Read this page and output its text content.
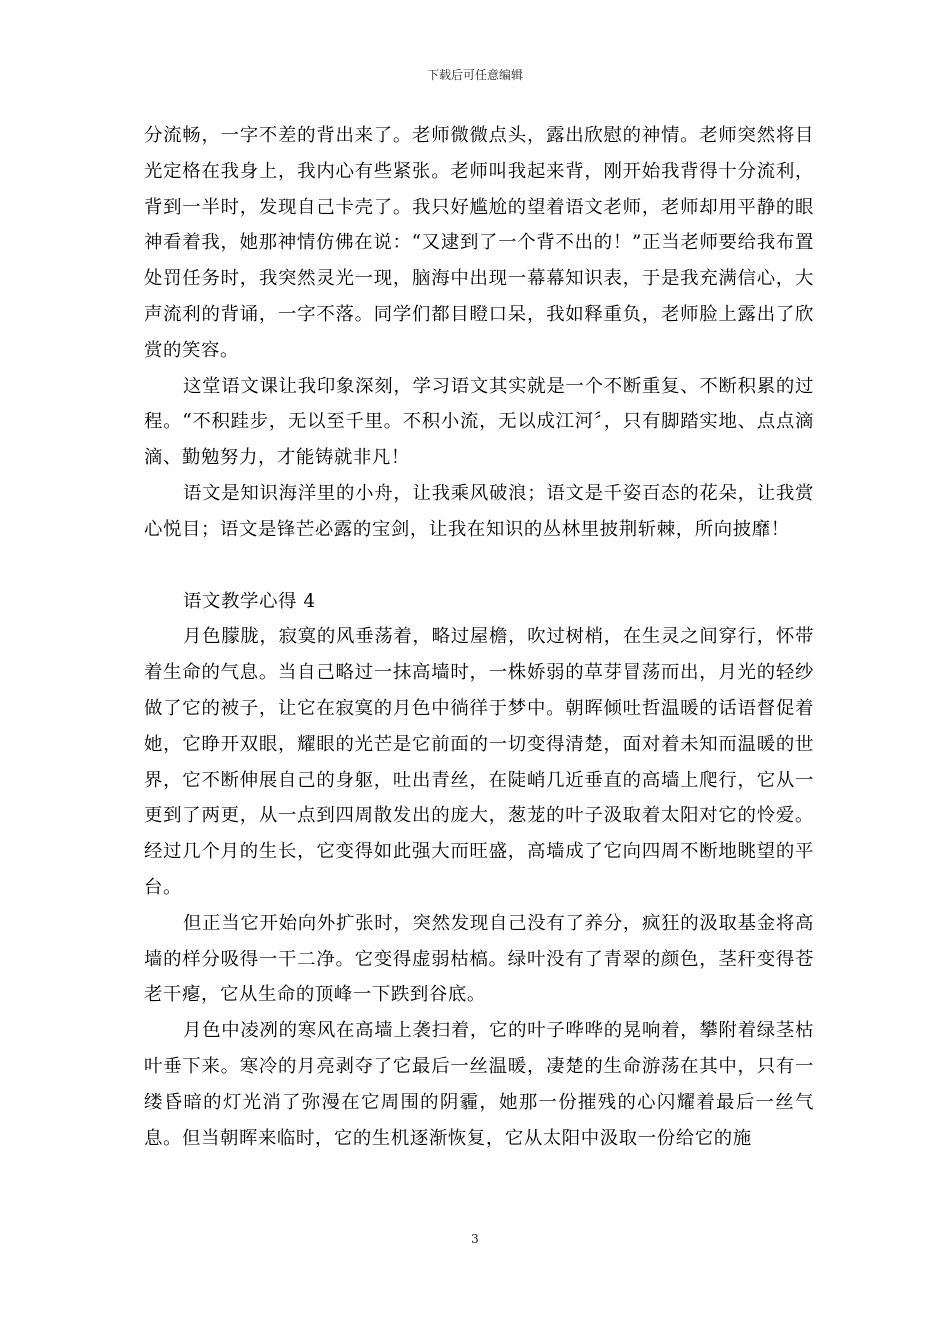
下载后可任意编辑

分流畅，一字不差的背出来了。老师微微点头，露出欣慰的神情。老师突然将目光定格在我身上，我内心有些紧张。老师叫我起来背，刚开始我背得十分流利，背到一半时，发现自己卡壳了。我只好尴尬的望着语文老师，老师却用平静的眼神看着我，她那神情仿佛在说：“又逮到了一个背不出的！”正当老师要给我布置处罚任务时，我突然灵光一现，脑海中出现一幕幕知识表，于是我充满信心，大声流利的背诵，一字不落。同学们都目瞪口呆，我如释重负，老师脸上露出了欣赏的笑容。

这堂语文课让我印象深刻，学习语文其实就是一个不断重复、不断积累的过程。“不积跬步，无以至千里。不积小流，无以成江河〞，只有脚踏实地、点点滴滴、勤勉努力，才能铸就非凡！

语文是知识海洋里的小舟，让我乘风破浪；语文是千姿百态的花朵，让我赏心悦目；语文是锋芒必露的宝剑，让我在知识的丛林里披荆斩棘，所向披靡！

语文教学心得 4

月色朦胧，寂寞的风垂荡着，略过屋檐，吹过树梢，在生灵之间穿行，怀带着生命的气息。当自己略过一抹高墙时，一株娇弱的草芽冒荡而出，月光的轻纱做了它的被子，让它在寂寞的月色中徜徉于梦中。朝晖倾吐哲温暖的话语督促着她，它睁开双眼，耀眼的光芒是它前面的一切变得清楚，面对着未知而温暖的世界，它不断伸展自己的身躯，吐出青丝，在陡峭几近垂直的高墙上爬行，它从一更到了两更，从一点到四周散发出的庞大，葱茏的叶子汲取着太阳对它的怜爱。经过几个月的生长，它变得如此强大而旺盛，高墙成了它向四周不断地眺望的平台。

但正当它开始向外扩张时，突然发现自己没有了养分，疯狂的汲取基金将高墙的样分吸得一干二净。它变得虚弱枯槁。绿叶没有了青翠的颜色，茎秆变得苍老干瘪，它从生命的顶峰一下跌到谷底。

月色中凌冽的寒风在高墙上袭扫着，它的叶子哗哗的晃响着，攀附着绿茎枯叶垂下来。寒冷的月亮剥夺了它最后一丝温暖，凄楚的生命游荡在其中，只有一缕昏暗的灯光消了弥漫在它周围的阴霾，她那一份摧残的心闪耀着最后一丝气息。但当朝晖来临时，它的生机逐渐恢复，它从太阳中汲取一份给它的施

3
